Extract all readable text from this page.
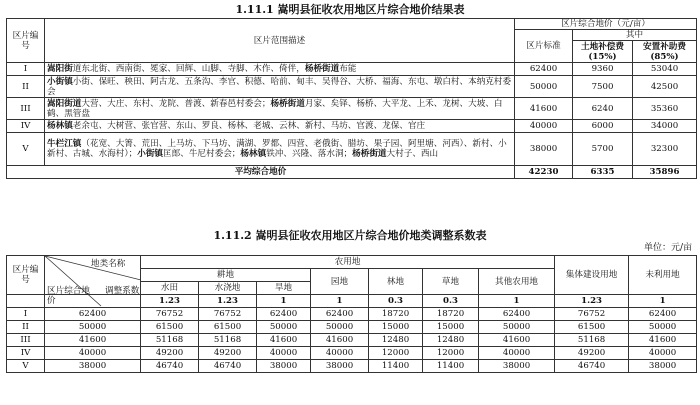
1.11.1 嵩明县征收农用地区片综合地价结果表
区片编号	区片范围描述	区片综合地价（元/亩）		
		区片标准	其中	
			土地补偿费
(15%)	安置补助费
(85%)
I	嵩阳街道东北街、西南街、冕家、回辉、山脚、寺脚、木作、倚伴，杨桥街道布能	62400	9360	53040
II	小街镇小街、保旺、秧田、阿古龙、五条沟、李官、积德、哈前、甸丰、吴得谷、大桥、福海、东屯、墩白村、本纳克村委会	50000	7500	42500
III	嵩阳街道大营、大庄、东村、龙院、普渡、新春邑村委会；杨桥街道月家、矣铎、杨桥、大平龙、上禾、龙树、大坡、白鹤、黑管盘	41600	6240	35360
IV	杨林镇老余屯、大树营、张官营、东山、罗良、杨林、老城、云林、新村、马坊、官渡、龙保、官庄	40000	6000	34000
V	牛栏江镇（花宽、大箐、荒田、上马坊、下马坊、满湖、罗都、四营、老俄街、腊坊、果子园、阿里塘、河西）、新村、小新村、古城、水海村）；小街镇匡郎、牛尼村委会；杨林镇铁冲、兴隆、落水洞；杨桥街道大村子、西山	38000	5700	32300
平均综合地价		42230	6335	35896
1.11.2 嵩明县征收农用地区片综合地价地类调整系数表
单位：元/亩
区片编号	地类名称
调整系数
区片综合地价	农用地							集体建设用地	未利用地
		耕地			园地	林地	草地	其他农用地		
		水田	水浇地	旱地						
		1.23	1.23	1	1	0.3	0.3	1	1.23	1
I	62400	76752	76752	62400	62400	18720	18720	62400	76752	62400
II	50000	61500	61500	50000	50000	15000	15000	50000	61500	50000
III	41600	51168	51168	41600	41600	12480	12480	41600	51168	41600
IV	40000	49200	49200	40000	40000	12000	12000	40000	49200	40000
V	38000	46740	46740	38000	38000	11400	11400	38000	46740	38000
